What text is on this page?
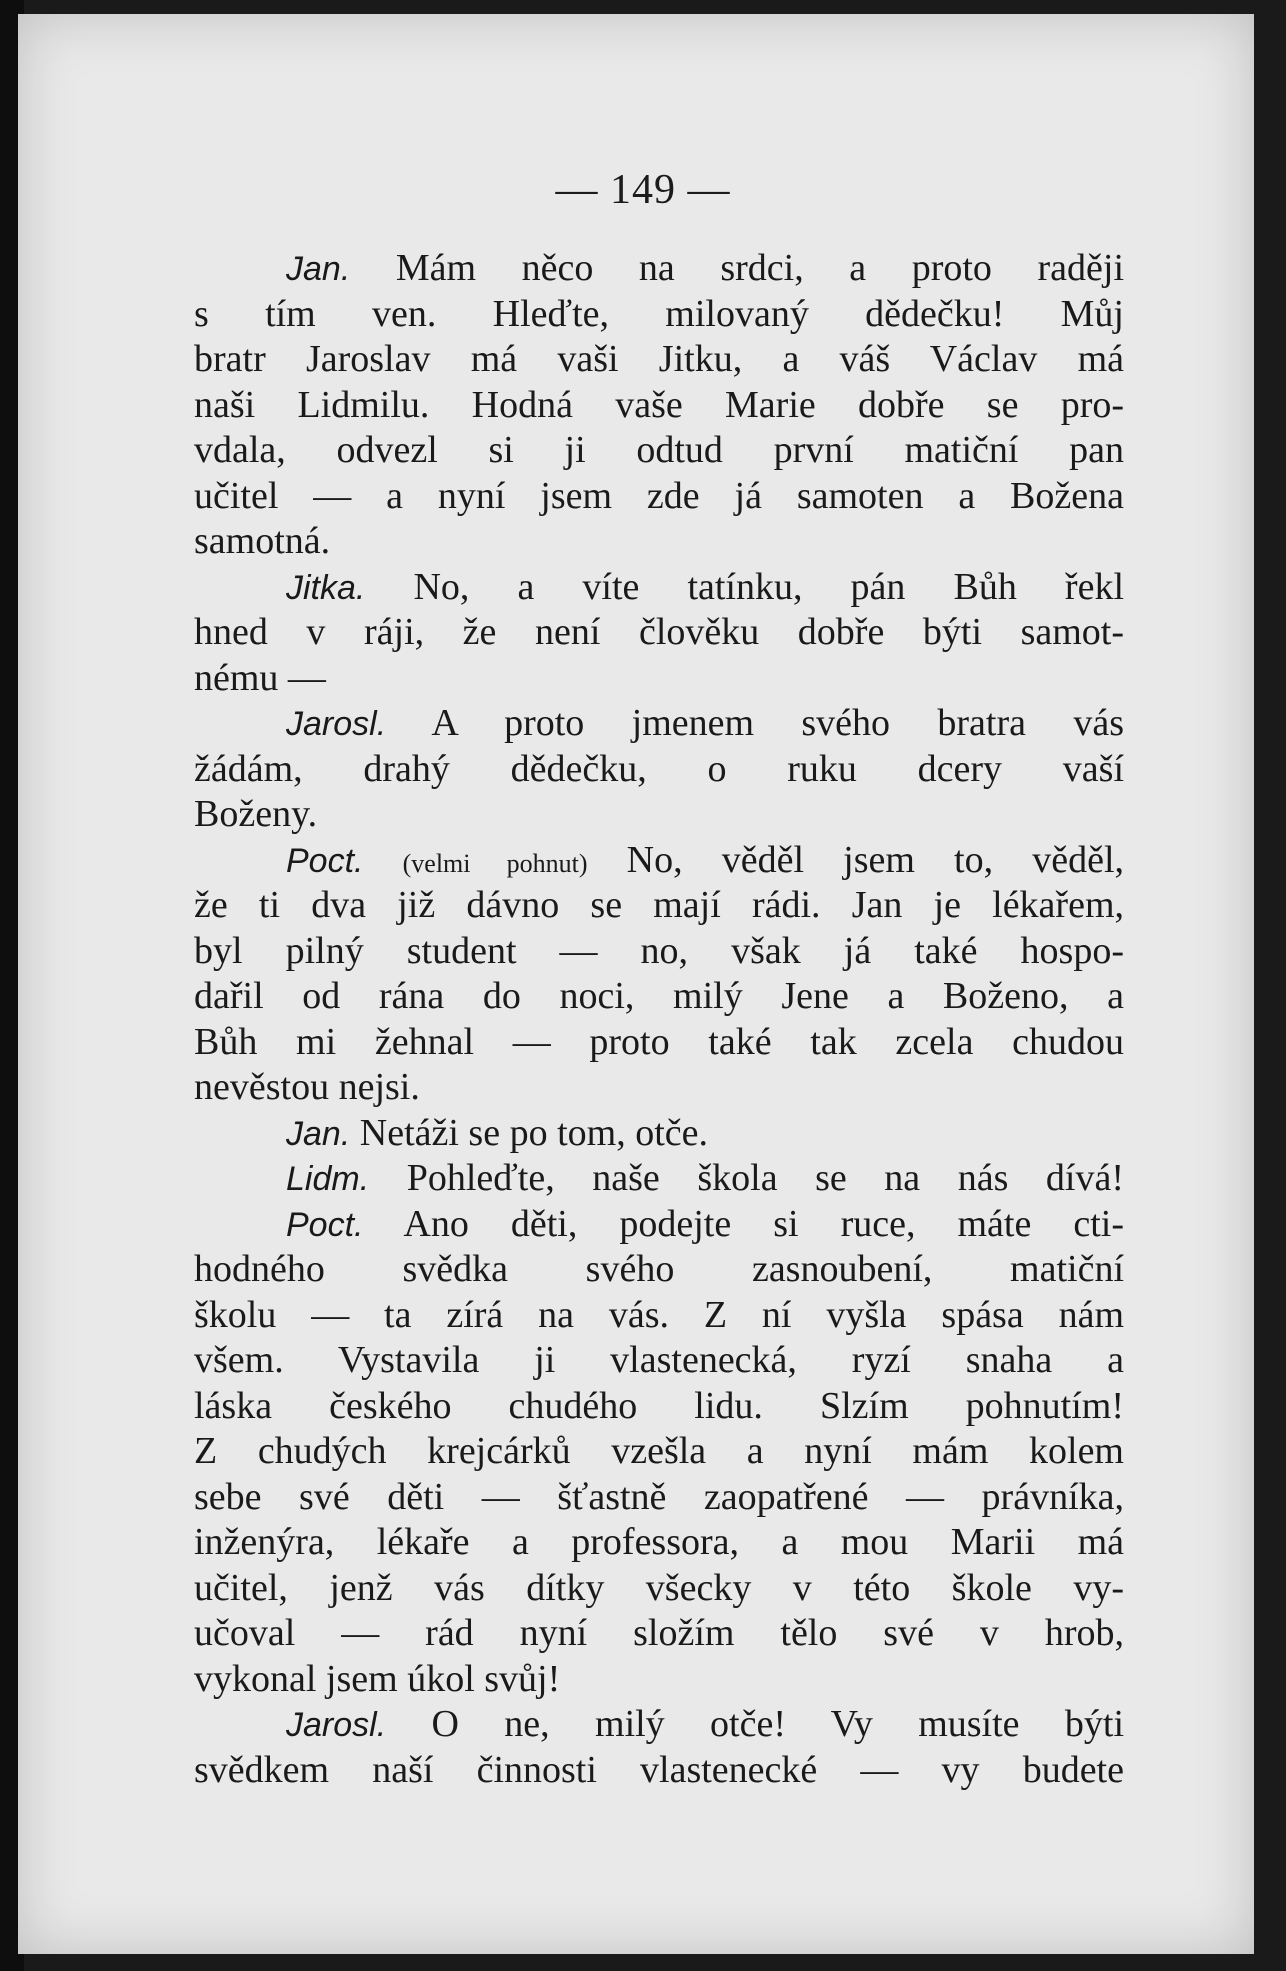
— 149 —
Jan. Mám něco na srdci, a proto raději
s tím ven. Hleďte, milovaný dědečku! Můj
bratr Jaroslav má vaši Jitku, a váš Václav má
naši Lidmilu. Hodná vaše Marie dobře se pro-
vdala, odvezl si ji odtud první matiční pan
učitel — a nyní jsem zde já samoten a Božena
samotná.
Jitka. No, a víte tatínku, pán Bůh řekl
hned v ráji, že není člověku dobře býti samot-
nému —
Jarosl. A proto jmenem svého bratra vás
žádám, drahý dědečku, o ruku dcery vaší
Boženy.
Poct. (velmi pohnut) No, věděl jsem to, věděl,
že ti dva již dávno se mají rádi. Jan je lékařem,
byl pilný student — no, však já také hospo-
dařil od rána do noci, milý Jene a Boženo, a
Bůh mi žehnal — proto také tak zcela chudou
nevěstou nejsi.
Jan. Netáži se po tom, otče.
Lidm. Pohleďte, naše škola se na nás dívá!
Poct. Ano děti, podejte si ruce, máte cti-
hodného svědka svého zasnoubení, matiční
školu — ta zírá na vás. Z ní vyšla spása nám
všem. Vystavila ji vlastenecká, ryzí snaha a
láska českého chudého lidu. Slzím pohnutím!
Z chudých krejcárků vzešla a nyní mám kolem
sebe své děti — šťastně zaopatřené — právníka,
inženýra, lékaře a professora, a mou Marii má
učitel, jenž vás dítky všecky v této škole vy-
učoval — rád nyní složím tělo své v hrob,
vykonal jsem úkol svůj!
Jarosl. O ne, milý otče! Vy musíte býti
svědkem naší činnosti vlastenecké — vy budete
